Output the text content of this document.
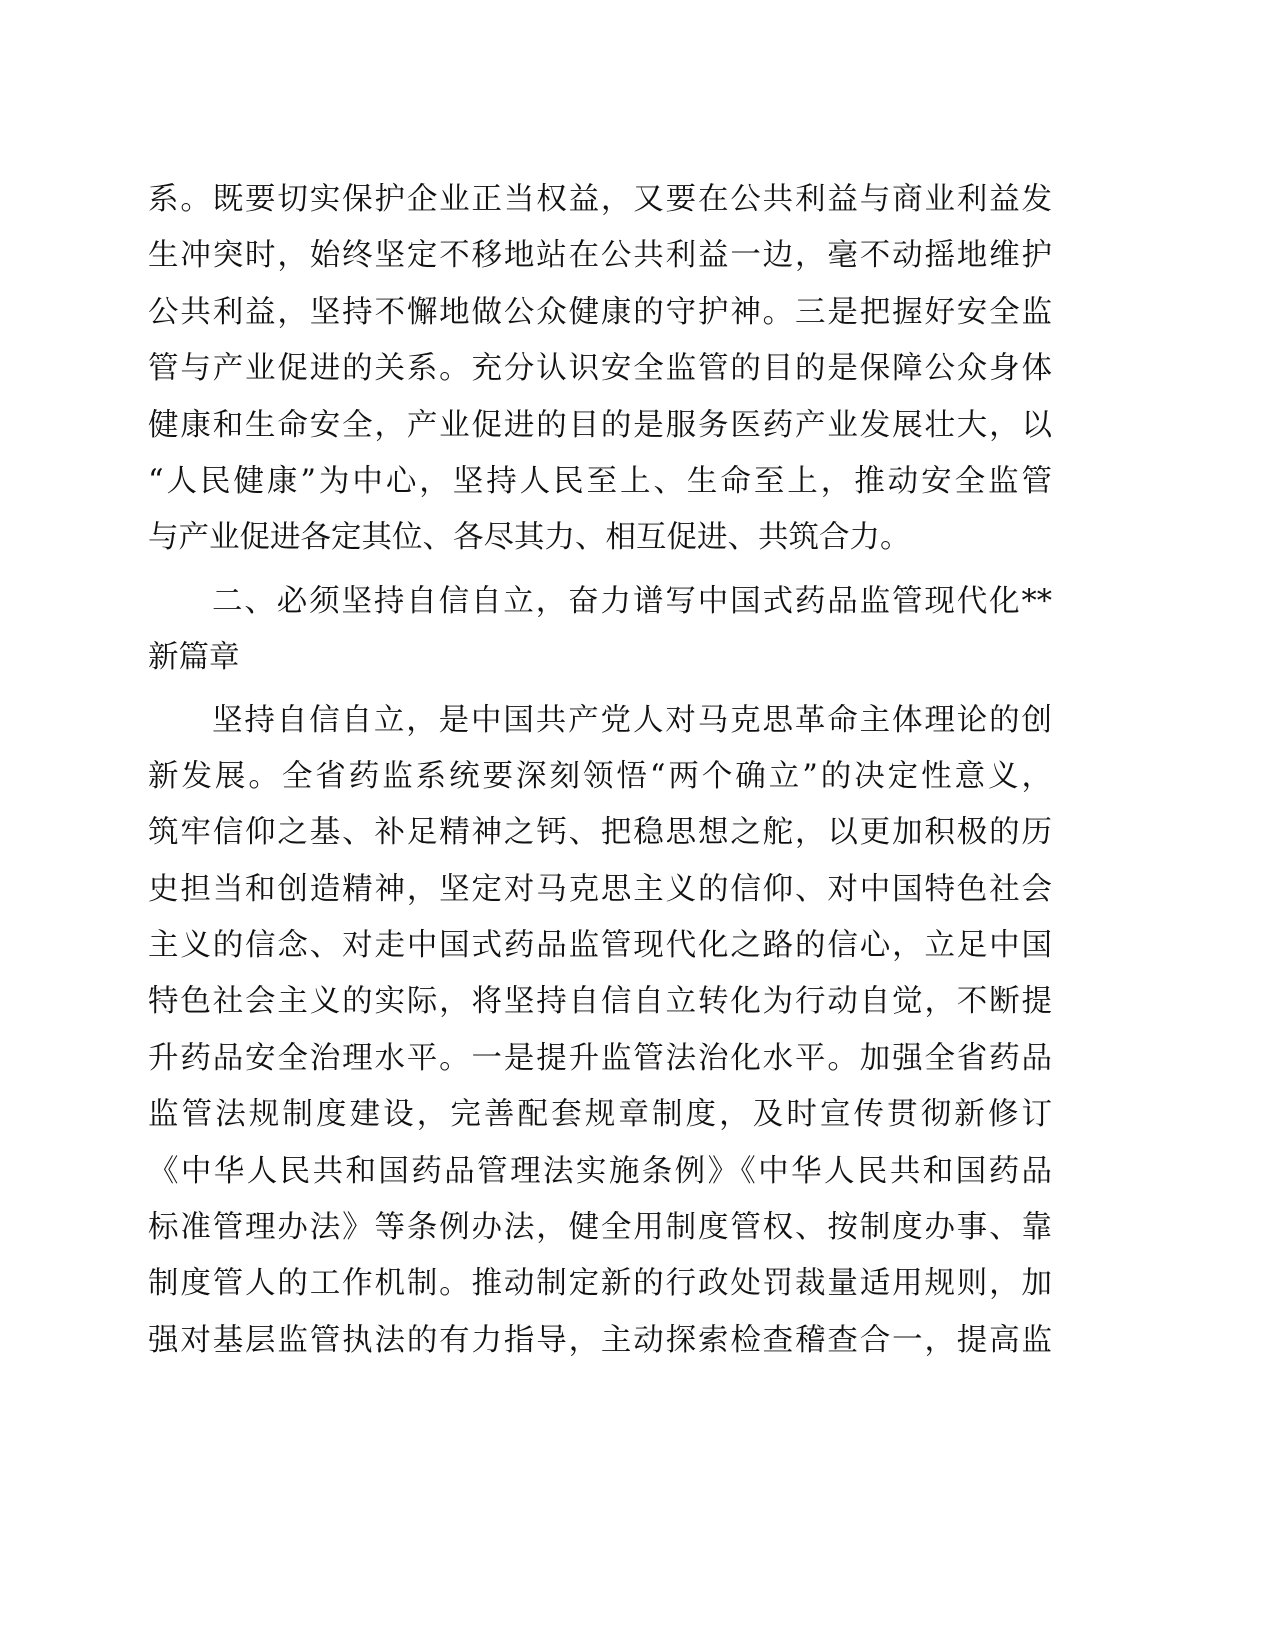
系。既要切实保护企业正当权益，又要在公共利益与商业利益发
生冲突时，始终坚定不移地站在公共利益一边，毫不动摇地维护
公共利益，坚持不懈地做公众健康的守护神。三是把握好安全监
管与产业促进的关系。充分认识安全监管的目的是保障公众身体
健康和生命安全，产业促进的目的是服务医药产业发展壮大，以
“人民健康”为中心，坚持人民至上、生命至上，推动安全监管
与产业促进各定其位、各尽其力、相互促进、共筑合力。
二、必须坚持自信自立，奋力谱写中国式药品监管现代化**
新篇章
坚持自信自立，是中国共产党人对马克思革命主体理论的创
新发展。全省药监系统要深刻领悟“两个确立”的决定性意义，
筑牢信仰之基、补足精神之钙、把稳思想之舵，以更加积极的历
史担当和创造精神，坚定对马克思主义的信仰、对中国特色社会
主义的信念、对走中国式药品监管现代化之路的信心，立足中国
特色社会主义的实际，将坚持自信自立转化为行动自觉，不断提
升药品安全治理水平。一是提升监管法治化水平。加强全省药品
监管法规制度建设，完善配套规章制度，及时宣传贯彻新修订
《中华人民共和国药品管理法实施条例》《中华人民共和国药品
标准管理办法》等条例办法，健全用制度管权、按制度办事、靠
制度管人的工作机制。推动制定新的行政处罚裁量适用规则，加
强对基层监管执法的有力指导，主动探索检查稽查合一，提高监
